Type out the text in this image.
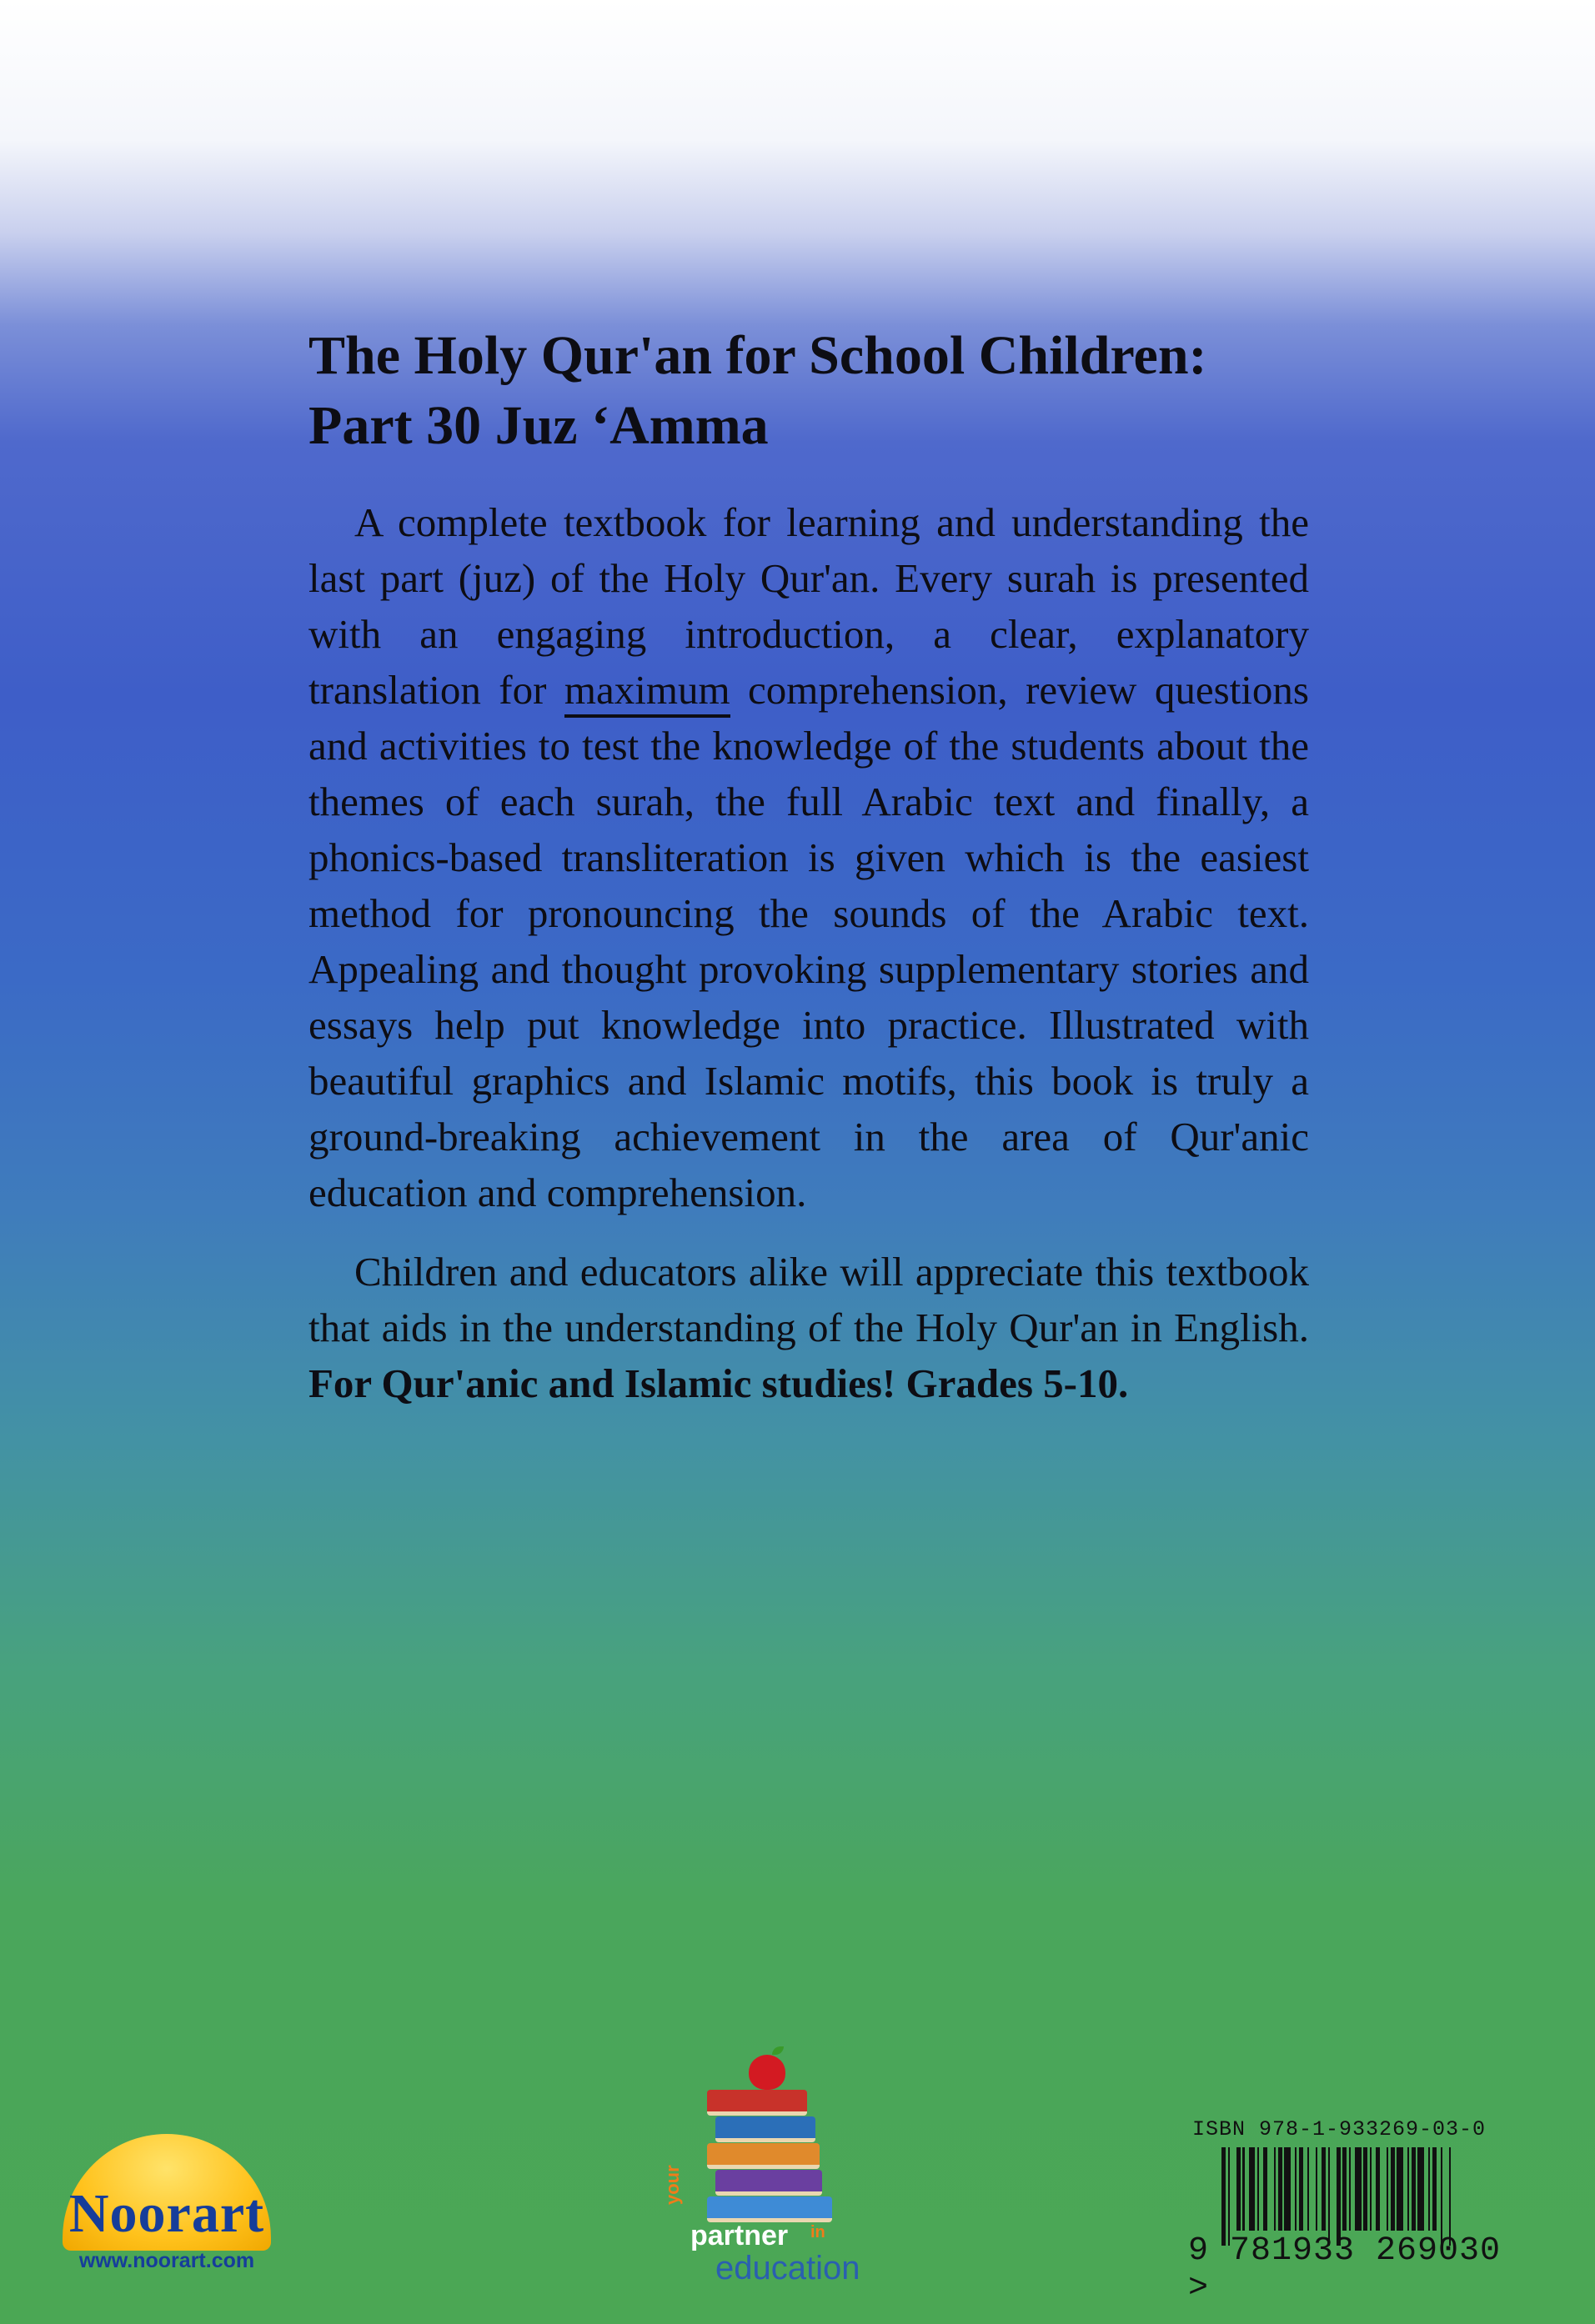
The Holy Qur'an for School Children:
Part 30 Juz ‘Amma

A complete textbook for learning and understanding the last part (juz) of the Holy Qur'an. Every surah is presented with an engaging introduction, a clear, explanatory translation for maximum comprehension, review questions and activities to test the knowledge of the students about the themes of each surah, the full Arabic text and finally, a phonics-based transliteration is given which is the easiest method for pronouncing the sounds of the Arabic text. Appealing and thought provoking supplementary stories and essays help put knowledge into practice. Illustrated with beautiful graphics and Islamic motifs, this book is truly a ground-breaking achievement in the area of Qur'anic education and comprehension.

Children and educators alike will appreciate this textbook that aids in the understanding of the Holy Qur'an in English. For Qur'anic and Islamic studies! Grades 5-10.

Noorart
www.noorart.com
your
partner in
education
ISBN 978-1-933269-03-0
9 781933 269030 >
